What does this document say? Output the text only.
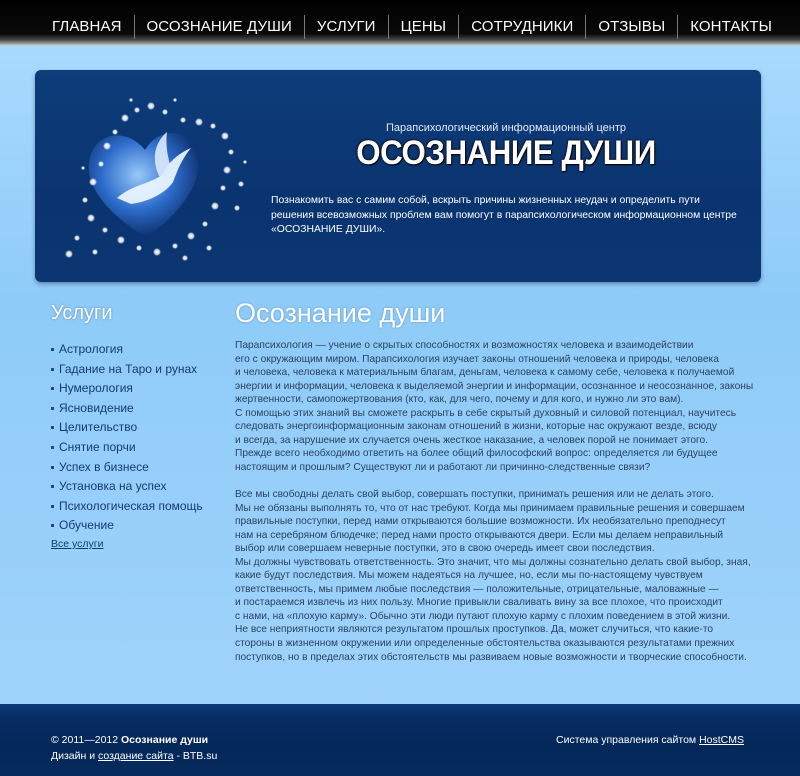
ГЛАВНАЯ	ОСОЗНАНИЕ ДУШИ	УСЛУГИ	ЦЕНЫ	СОТРУДНИКИ	ОТЗЫВЫ	КОНТАКТЫ
Парапсихологический информационный центр
ОСОЗНАНИЕ ДУШИ
Познакомить вас с самим собой, вскрыть причины жизненных неудач и определить пути решения всевозможных проблем вам помогут в парапсихологическом информационном центре «ОСОЗНАНИЕ ДУШИ».
Услуги
Астрология
Гадание на Таро и рунах
Нумерология
Ясновидение
Целительство
Снятие порчи
Успех в бизнесе
Установка на успех
Психологическая помощь
Обучение
Все услуги
Осознание души
Парапсихология — учение о скрытых способностях и возможностях человека и взаимодействии
его с окружающим миром. Парапсихология изучает законы отношений человека и природы, человека
и человека, человека к материальным благам, деньгам, человека к самому себе, человека к получаемой
энергии и информации, человека к выделяемой энергии и информации, осознанное и неосознанное, законы
жертвенности, самопожертвования (кто, как, для чего, почему и для кого, и нужно ли это вам).
С помощью этих знаний вы сможете раскрыть в себе скрытый духовный и силовой потенциал, научитесь
следовать энергоинформационным законам отношений в жизни, которые нас окружают везде, всюду
и всегда, за нарушение их случается очень жесткое наказание, а человек порой не понимает этого.
Прежде всего необходимо ответить на более общий философский вопрос: определяется ли будущее
настоящим и прошлым? Существуют ли и работают ли причинно-следственные связи?
Все мы свободны делать свой выбор, совершать поступки, принимать решения или не делать этого.
Мы не обязаны выполнять то, что от нас требуют. Когда мы принимаем правильные решения и совершаем
правильные поступки, перед нами открываются большие возможности. Их необязательно преподнесут
нам на серебряном блюдечке; перед нами просто открываются двери. Если мы делаем неправильный
выбор или совершаем неверные поступки, это в свою очередь имеет свои последствия.
Мы должны чувствовать ответственность. Это значит, что мы должны сознательно делать свой выбор, зная,
какие будут последствия. Мы можем надеяться на лучшее, но, если мы по-настоящему чувствуем
ответственность, мы примем любые последствия — положительные, отрицательные, маловажные —
и постараемся извлечь из них пользу. Многие привыкли сваливать вину за все плохое, что происходит
с нами, на «плохую карму». Обычно эти люди путают плохую карму с плохим поведением в этой жизни.
Не все неприятности являются результатом прошлых проступков. Да, может случиться, что какие-то
стороны в жизненном окружении или определенные обстоятельства оказываются результатами прежних
поступков, но в пределах этих обстоятельств мы развиваем новые возможности и творческие способности.
© 2011—2012 Осознание души
Дизайн и создание сайта - BTB.su
Система управления сайтом HostCMS
